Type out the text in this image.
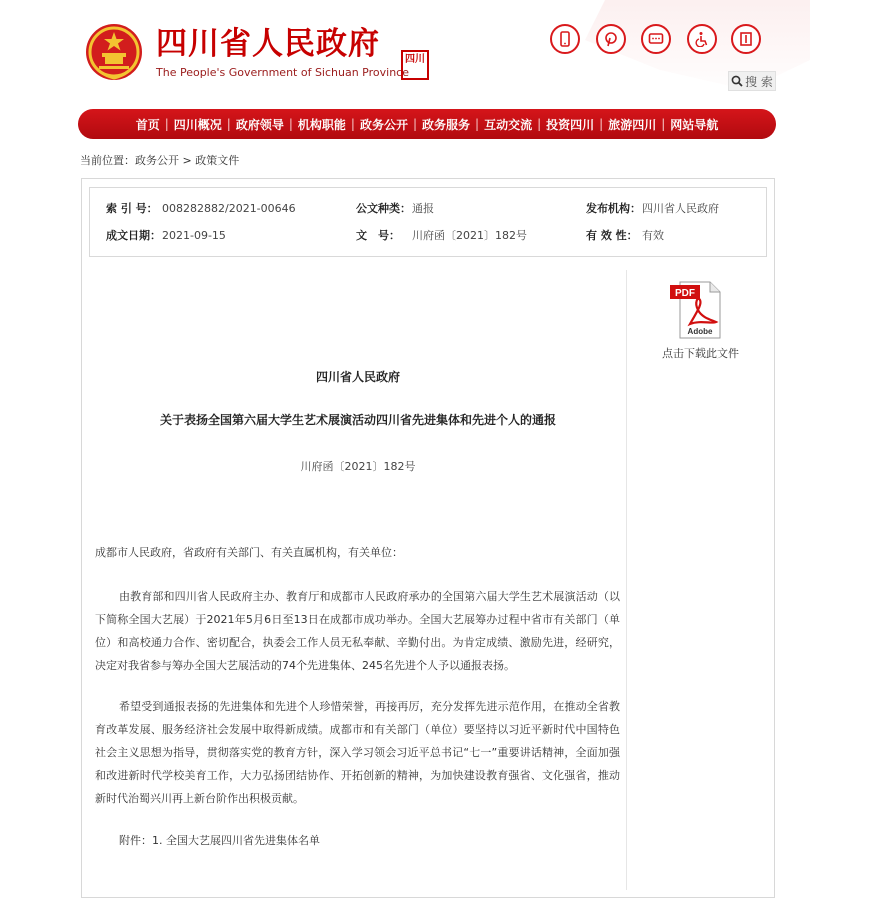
四川省人民政府
The People's Government of Sichuan Province
四川
搜 索
首页 | 四川概况 | 政府领导 | 机构职能 | 政务公开 | 政务服务 | 互动交流 | 投资四川 | 旅游四川 | 网站导航
当前位置：政务公开 > 政策文件
索 引 号： 008282882/2021-00646	公文种类： 通报	发布机构： 四川省人民政府
成文日期： 2021-09-15	文　号： 川府函〔2021〕182号	有 效 性： 有效
PDF
Adobe
点击下载此文件
四川省人民政府
关于表扬全国第六届大学生艺术展演活动四川省先进集体和先进个人的通报
川府函〔2021〕182号
成都市人民政府，省政府有关部门、有关直属机构，有关单位：

由教育部和四川省人民政府主办、教育厅和成都市人民政府承办的全国第六届大学生艺术展演活动（以下简称全国大艺展）于2021年5月6日至13日在成都市成功举办。全国大艺展筹办过程中省市有关部门（单位）和高校通力合作、密切配合，执委会工作人员无私奉献、辛勤付出。为肯定成绩、激励先进，经研究，决定对我省参与筹办全国大艺展活动的74个先进集体、245名先进个人予以通报表扬。

希望受到通报表扬的先进集体和先进个人珍惜荣誉，再接再厉，充分发挥先进示范作用，在推动全省教育改革发展、服务经济社会发展中取得新成绩。成都市和有关部门（单位）要坚持以习近平新时代中国特色社会主义思想为指导，贯彻落实党的教育方针，深入学习领会习近平总书记“七一”重要讲话精神，全面加强和改进新时代学校美育工作，大力弘扬团结协作、开拓创新的精神，为加快建设教育强省、文化强省，推动新时代治蜀兴川再上新台阶作出积极贡献。

附件：1. 全国大艺展四川省先进集体名单
